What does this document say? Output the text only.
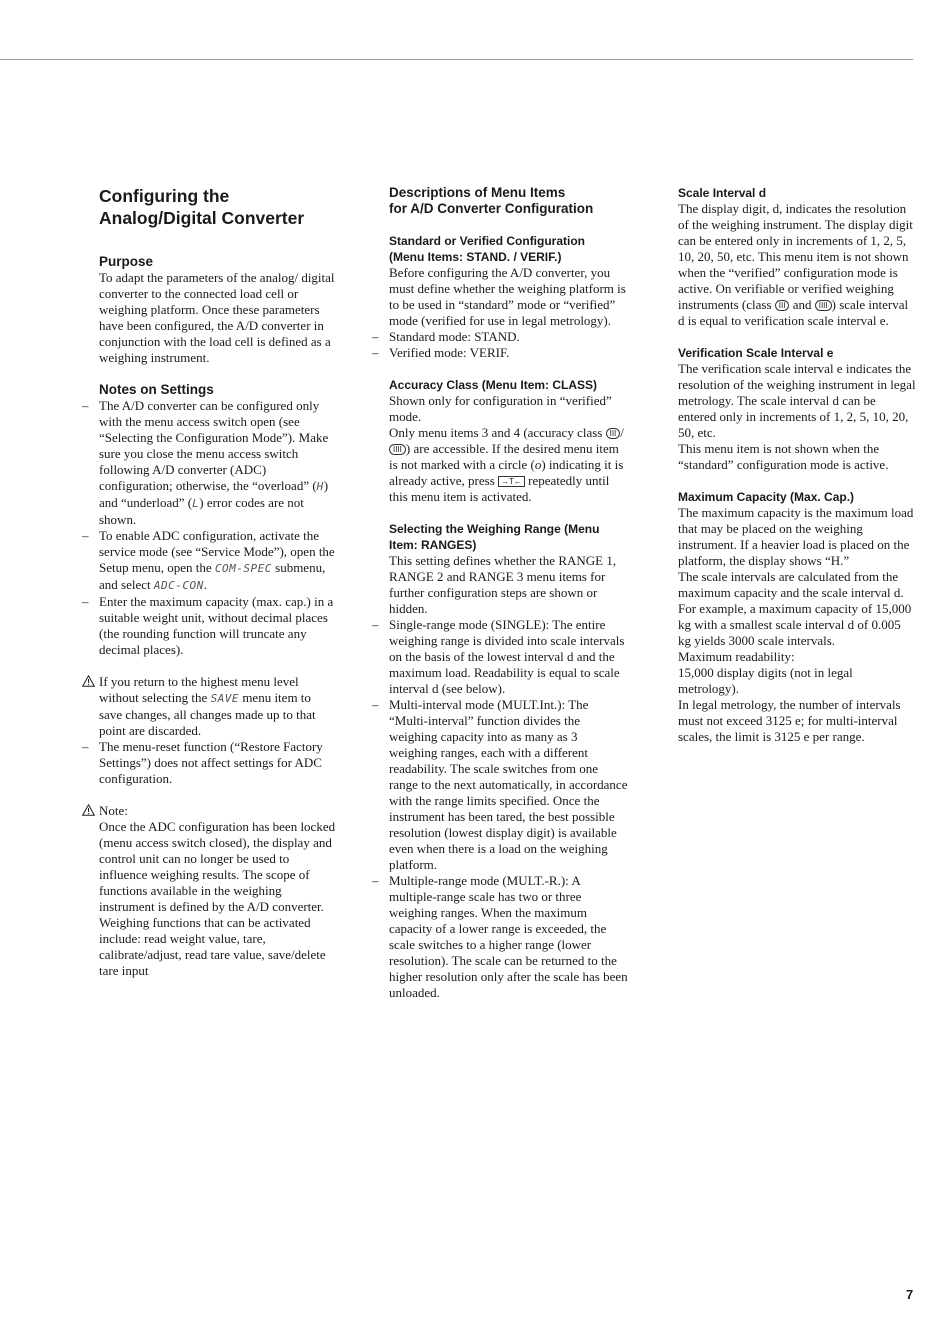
Configuring the
Analog/Digital Converter
Purpose

To adapt the parameters of the analog/ digital converter to the connected load cell or weighing platform. Once these parameters have been configured, the A/D converter in conjunction with the load cell is defined as a weighing instrument.

Notes on Settings
– The A/D converter can be configured only with the menu access switch open (see “Selecting the Configuration Mode”). Make sure you close the menu access switch following A/D converter (ADC) configuration; otherwise, the “overload” (H) and “underload” (L) error codes are not shown.
– To enable ADC configuration, activate the service mode (see “Service Mode”), open the Setup menu, open the COM-SPEC submenu, and select ADC-CON.
– Enter the maximum capacity (max. cap.) in a suitable weight unit, without decimal places (the rounding function will truncate any decimal places).
If you return to the highest menu level without selecting the SAVE menu item to save changes, all changes made up to that point are discarded.
– The menu-reset function (“Restore Factory Settings”) does not affect settings for ADC configuration.
Note:
Once the ADC configuration has been locked (menu access switch closed), the display and control unit can no longer be used to influence weighing results. The scope of functions available in the weighing instrument is defined by the A/D converter. Weighing functions that can be activated include: read weight value, tare, calibrate/adjust, read tare value, save/delete tare input
Descriptions of Menu Items
for A/D Converter Configuration
Standard or Verified Configuration
(Menu Items: STAND. / VERIF.)

Before configuring the A/D converter, you must define whether the weighing platform is to be used in “standard” mode or “verified” mode (verified for use in legal metrology).

– Standard mode: STAND.
– Verified mode: VERIF.
Accuracy Class (Menu Item: CLASS)

Shown only for configuration in “verified” mode.

Only menu items 3 and 4 (accuracy class III /IIII ) are accessible. If the desired menu item is not marked with a circle (o) indicating it is already active, press →T← repeatedly until this menu item is activated.

Selecting the Weighing Range (Menu
Item: RANGES)

This setting defines whether the RANGE 1, RANGE 2 and RANGE 3 menu items for further configuration steps are shown or hidden.

– Single-range mode (SINGLE): The entire weighing range is divided into scale intervals on the basis of the lowest interval d and the maximum load. Readability is equal to scale interval d (see below).
– Multi-interval mode (MULT.Int.): The “Multi-interval” function divides the weighing capacity into as many as 3 weighing ranges, each with a different readability. The scale switches from one range to the next automatically, in accordance with the range limits specified. Once the instrument has been tared, the best possible resolution (lowest display digit) is available even when there is a load on the weighing platform.
– Multiple-range mode (MULT.-R.): A multiple-range scale has two or three weighing ranges. When the maximum capacity of a lower range is exceeded, the scale switches to a higher range (lower resolution). The scale can be returned to the higher resolution only after the scale has been unloaded.
Scale Interval d

The display digit, d, indicates the resolution of the weighing instrument. The display digit can be entered only in increments of 1, 2, 5, 10, 20, 50, etc. This menu item is not shown when the “verified” configuration mode is active. On verifiable or verified weighing instruments (class III and IIII ) scale interval d is equal to verification scale interval e.

Verification Scale Interval e

The verification scale interval e indicates the resolution of the weighing instrument in legal metrology. The scale interval d can be entered only in increments of 1, 2, 5, 10, 20, 50, etc.

This menu item is not shown when the “standard” configuration mode is active.

Maximum Capacity (Max. Cap.)

The maximum capacity is the maximum load that may be placed on the weighing instrument. If a heavier load is placed on the platform, the display shows “H.”

The scale intervals are calculated from the maximum capacity and the scale interval d. For example, a maximum capacity of 15,000 kg with a smallest scale interval d of 0.005 kg yields 3000 scale intervals.

Maximum readability:

15,000 display digits (not in legal metrology).

In legal metrology, the number of intervals must not exceed 3125 e; for multi-interval scales, the limit is 3125 e per range.

7
